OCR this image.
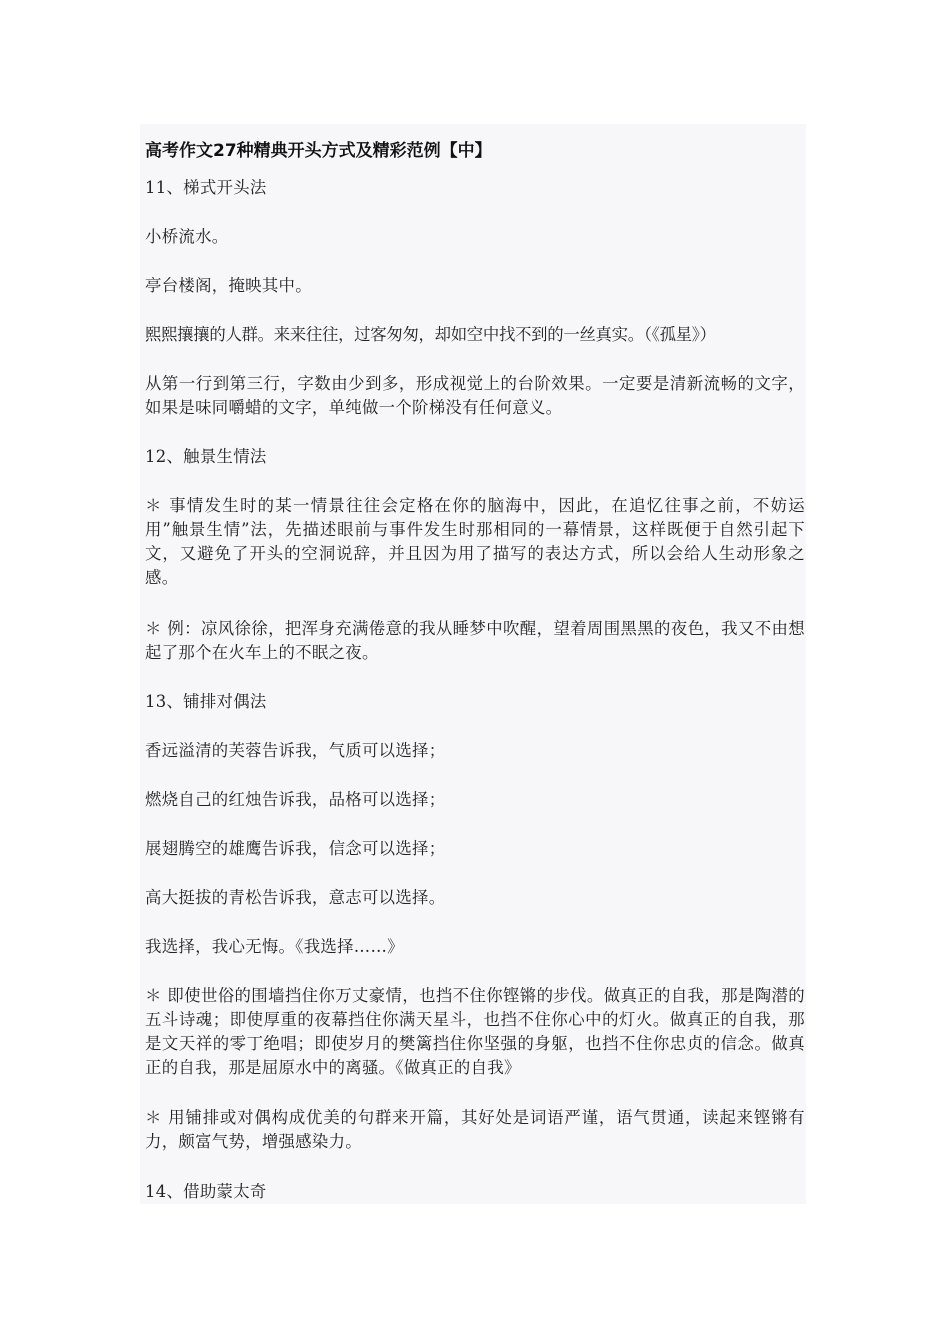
高考作文27种精典开头方式及精彩范例【中】

11、梯式开头法

小桥流水。

亭台楼阁，掩映其中。

熙熙攘攘的人群。来来往往，过客匆匆，却如空中找不到的一丝真实。（《孤星》）

从第一行到第三行，字数由少到多，形成视觉上的台阶效果。一定要是清新流畅的文字，如果是味同嚼蜡的文字，单纯做一个阶梯没有任何意义。

12、触景生情法

＊ 事情发生时的某一情景往往会定格在你的脑海中，因此，在追忆往事之前，不妨运用”触景生情”法，先描述眼前与事件发生时那相同的一幕情景，这样既便于自然引起下文，又避免了开头的空洞说辞，并且因为用了描写的表达方式，所以会给人生动形象之感。

＊ 例：凉风徐徐，把浑身充满倦意的我从睡梦中吹醒，望着周围黑黑的夜色，我又不由想起了那个在火车上的不眠之夜。

13、铺排对偶法

香远溢清的芙蓉告诉我，气质可以选择；

燃烧自己的红烛告诉我，品格可以选择；

展翅腾空的雄鹰告诉我，信念可以选择；

高大挺拔的青松告诉我，意志可以选择。

我选择，我心无悔。《我选择……》

＊ 即使世俗的围墙挡住你万丈豪情，也挡不住你铿锵的步伐。做真正的自我，那是陶潜的五斗诗魂；即使厚重的夜幕挡住你满天星斗，也挡不住你心中的灯火。做真正的自我，那是文天祥的零丁绝唱；即使岁月的樊篱挡住你坚强的身躯，也挡不住你忠贞的信念。做真正的自我，那是屈原水中的离骚。《做真正的自我》

＊ 用铺排或对偶构成优美的句群来开篇，其好处是词语严谨，语气贯通，读起来铿锵有力，颇富气势，增强感染力。

14、借助蒙太奇
